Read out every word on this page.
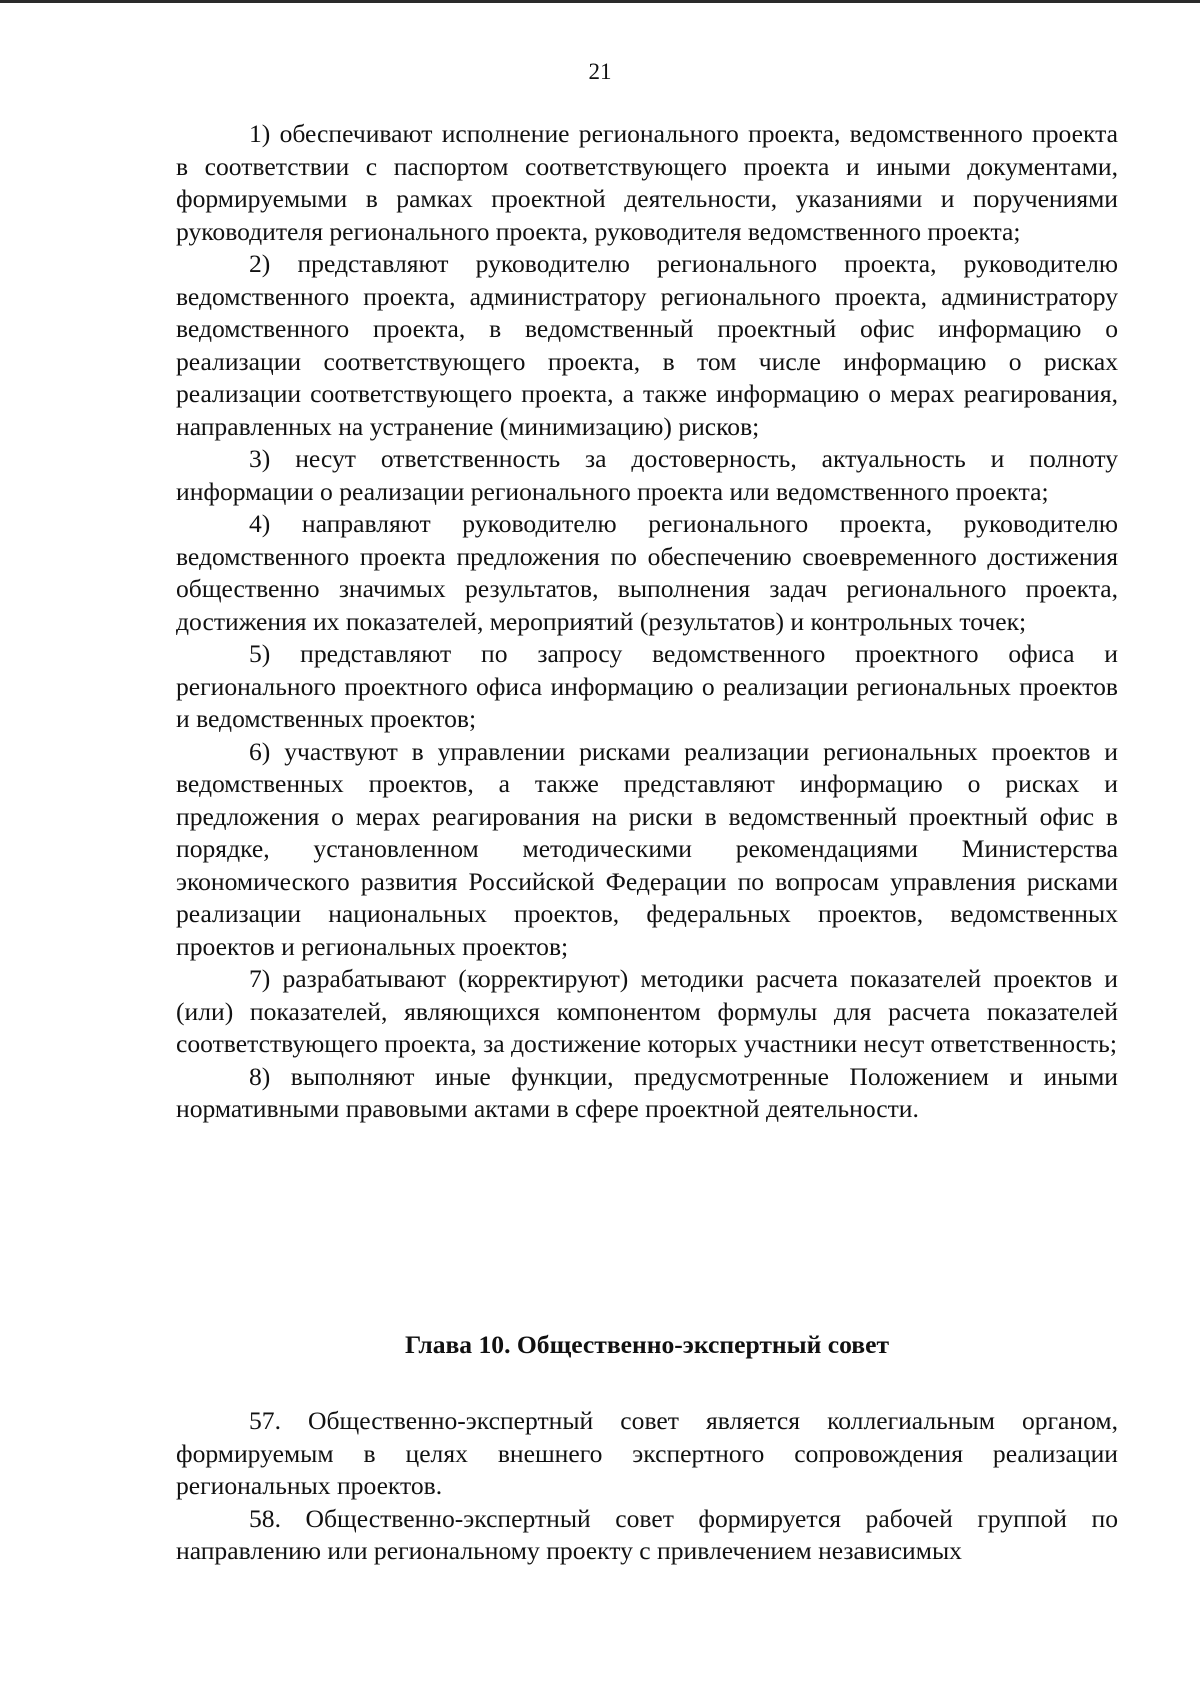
21

1) обеспечивают исполнение регионального проекта, ведомственного проекта в соответствии с паспортом соответствующего проекта и иными документами, формируемыми в рамках проектной деятельности, указаниями и поручениями руководителя регионального проекта, руководителя ведомственного проекта;

2) представляют руководителю регионального проекта, руководителю ведомственного проекта, администратору регионального проекта, администратору ведомственного проекта, в ведомственный проектный офис информацию о реализации соответствующего проекта, в том числе информацию о рисках реализации соответствующего проекта, а также информацию о мерах реагирования, направленных на устранение (минимизацию) рисков;

3) несут ответственность за достоверность, актуальность и полноту информации о реализации регионального проекта или ведомственного проекта;

4) направляют руководителю регионального проекта, руководителю ведомственного проекта предложения по обеспечению своевременного достижения общественно значимых результатов, выполнения задач регионального проекта, достижения их показателей, мероприятий (результатов) и контрольных точек;

5) представляют по запросу ведомственного проектного офиса и регионального проектного офиса информацию о реализации региональных проектов и ведомственных проектов;

6) участвуют в управлении рисками реализации региональных проектов и ведомственных проектов, а также представляют информацию о рисках и предложения о мерах реагирования на риски в ведомственный проектный офис в порядке, установленном методическими рекомендациями Министерства экономического развития Российской Федерации по вопросам управления рисками реализации национальных проектов, федеральных проектов, ведомственных проектов и региональных проектов;

7) разрабатывают (корректируют) методики расчета показателей проектов и (или) показателей, являющихся компонентом формулы для расчета показателей соответствующего проекта, за достижение которых участники несут ответственность;

8) выполняют иные функции, предусмотренные Положением и иными нормативными правовыми актами в сфере проектной деятельности.

Глава 10. Общественно-экспертный совет

57. Общественно-экспертный совет является коллегиальным органом, формируемым в целях внешнего экспертного сопровождения реализации региональных проектов.

58. Общественно-экспертный совет формируется рабочей группой по направлению или региональному проекту с привлечением независимых
